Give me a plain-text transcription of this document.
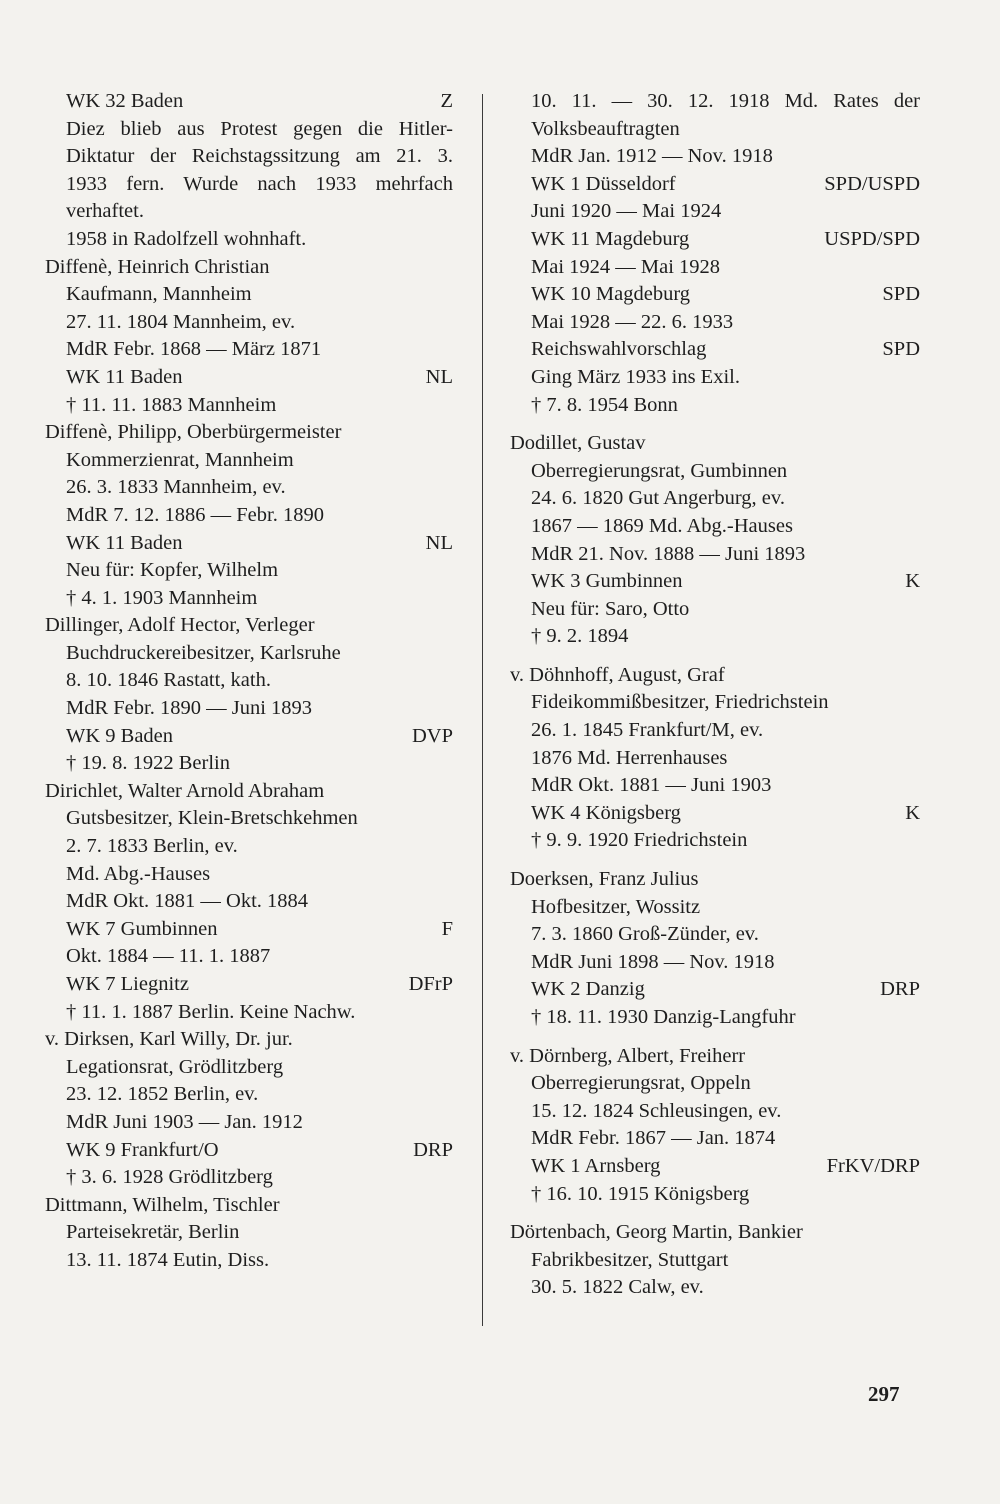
WK 32 Baden	Z
Diez blieb aus Protest gegen die Hitler-
Diktatur der Reichstagssitzung am 21. 3.
1933 fern. Wurde nach 1933 mehrfach
verhaftet.
1958 in Radolfzell wohnhaft.
Diffenè, Heinrich Christian
Kaufmann, Mannheim
27. 11. 1804 Mannheim, ev.
MdR Febr. 1868 — März 1871
WK 11 Baden	NL
† 11. 11. 1883 Mannheim
Diffenè, Philipp, Oberbürgermeister
Kommerzienrat, Mannheim
26. 3. 1833 Mannheim, ev.
MdR 7. 12. 1886 — Febr. 1890
WK 11 Baden	NL
Neu für: Kopfer, Wilhelm
† 4. 1. 1903 Mannheim
Dillinger, Adolf Hector, Verleger
Buchdruckereibesitzer, Karlsruhe
8. 10. 1846 Rastatt, kath.
MdR Febr. 1890 — Juni 1893
WK 9 Baden	DVP
† 19. 8. 1922 Berlin
Dirichlet, Walter Arnold Abraham
Gutsbesitzer, Klein-Bretschkehmen
2. 7. 1833 Berlin, ev.
Md. Abg.-Hauses
MdR Okt. 1881 — Okt. 1884
WK 7 Gumbinnen	F
Okt. 1884 — 11. 1. 1887
WK 7 Liegnitz	DFrP
† 11. 1. 1887 Berlin. Keine Nachw.
v. Dirksen, Karl Willy, Dr. jur.
Legationsrat, Grödlitzberg
23. 12. 1852 Berlin, ev.
MdR Juni 1903 — Jan. 1912
WK 9 Frankfurt/O	DRP
† 3. 6. 1928 Grödlitzberg
Dittmann, Wilhelm, Tischler
Parteisekretär, Berlin
13. 11. 1874 Eutin, Diss.
10. 11. — 30. 12. 1918 Md. Rates der
Volksbeauftragten
MdR Jan. 1912 — Nov. 1918
WK 1 Düsseldorf	SPD/USPD
Juni 1920 — Mai 1924
WK 11 Magdeburg	USPD/SPD
Mai 1924 — Mai 1928
WK 10 Magdeburg	SPD
Mai 1928 — 22. 6. 1933
Reichswahlvorschlag	SPD
Ging März 1933 ins Exil.
† 7. 8. 1954 Bonn
Dodillet, Gustav
Oberregierungsrat, Gumbinnen
24. 6. 1820 Gut Angerburg, ev.
1867 — 1869 Md. Abg.-Hauses
MdR 21. Nov. 1888 — Juni 1893
WK 3 Gumbinnen	K
Neu für: Saro, Otto
† 9. 2. 1894
v. Döhnhoff, August, Graf
Fideikommißbesitzer, Friedrichstein
26. 1. 1845 Frankfurt/M, ev.
1876 Md. Herrenhauses
MdR Okt. 1881 — Juni 1903
WK 4 Königsberg	K
† 9. 9. 1920 Friedrichstein
Doerksen, Franz Julius
Hofbesitzer, Wossitz
7. 3. 1860 Groß-Zünder, ev.
MdR Juni 1898 — Nov. 1918
WK 2 Danzig	DRP
† 18. 11. 1930 Danzig-Langfuhr
v. Dörnberg, Albert, Freiherr
Oberregierungsrat, Oppeln
15. 12. 1824 Schleusingen, ev.
MdR Febr. 1867 — Jan. 1874
WK 1 Arnsberg	FrKV/DRP
† 16. 10. 1915 Königsberg
Dörtenbach, Georg Martin, Bankier
Fabrikbesitzer, Stuttgart
30. 5. 1822 Calw, ev.
297
